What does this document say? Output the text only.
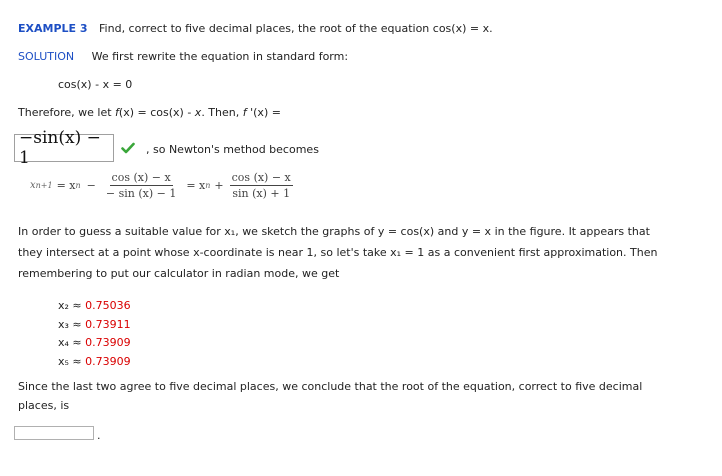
EXAMPLE 3 Find, correct to five decimal places, the root of the equation cos(x) = x.
SOLUTION We first rewrite the equation in standard form:
cos(x) - x = 0
Therefore, we let f(x) = cos(x) - x. Then, f '(x) =
−sin(x) − 1	, so Newton's method becomes
x n+1 = x $n - \frac{\cos (x) - x}{- \sin (x) - 1} = x$ $n + \frac{\cos (x) - x}{\sin (x) + 1}$
In order to guess a suitable value for x₁, we sketch the graphs of y = cos(x) and y = x in the figure. It appears that
they intersect at a point whose x-coordinate is near 1, so let's take x₁ = 1 as a convenient first approximation. Then
remembering to put our calculator in radian mode, we get
x₂ ≈ 0.75036
x₃ ≈ 0.73911
x₄ ≈ 0.73909
x₅ ≈ 0.73909
Since the last two agree to five decimal places, we conclude that the root of the equation, correct to five decimal
places, is
.
